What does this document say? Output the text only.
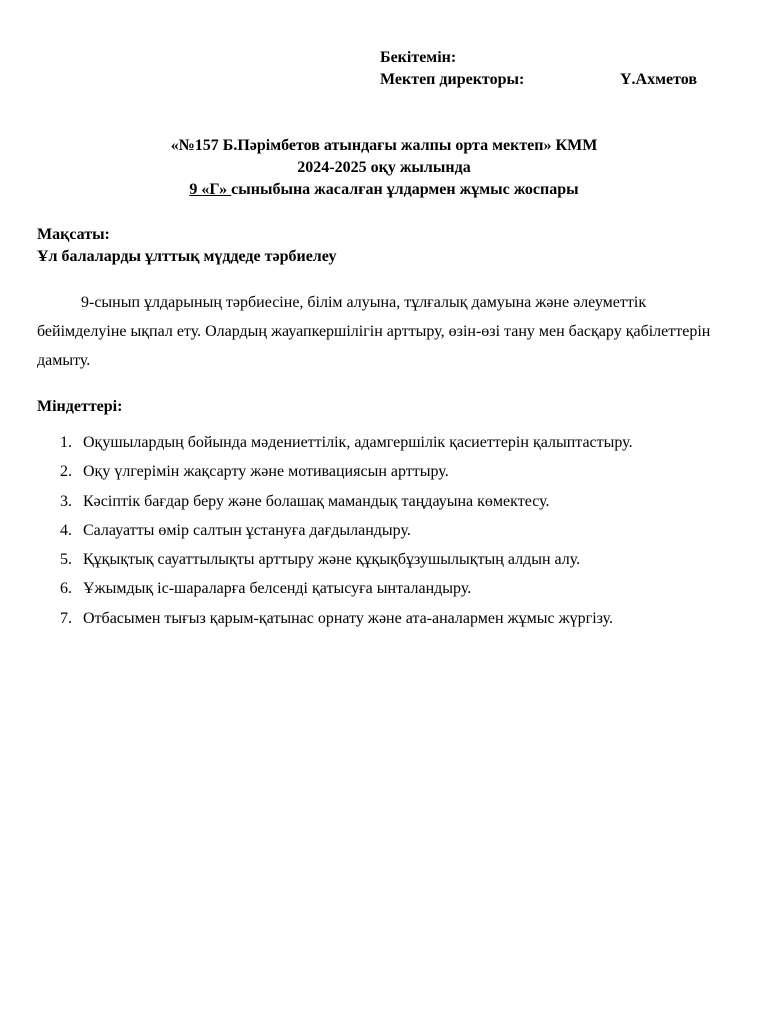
Бекітемін:
Мектеп директоры:	Ү.Ахметов
«№157 Б.Пәрімбетов атындағы жалпы орта мектеп» КММ
2024-2025 оқу жылында
9 «Г» сыныбына жасалған ұлдармен жұмыс жоспары
Мақсаты:
Ұл балаларды ұлттық мүддеде тәрбиелеу
9-сынып ұлдарының тәрбиесіне, білім алуына, тұлғалық дамуына және әлеуметтік бейімделуіне ықпал ету. Олардың жауапкершілігін арттыру, өзін-өзі тану мен басқару қабілеттерін дамыту.
Міндеттері:
1. Оқушылардың бойында мәдениеттілік, адамгершілік қасиеттерін қалыптастыру.
2. Оқу үлгерімін жақсарту және мотивациясын арттыру.
3. Кәсіптік бағдар беру және болашақ мамандық таңдауына көмектесу.
4. Салауатты өмір салтын ұстануға дағдыландыру.
5. Құқықтық сауаттылықты арттыру және құқықбұзушылықтың алдын алу.
6. Ұжымдық іс-шараларға белсенді қатысуға ынталандыру.
7. Отбасымен тығыз қарым-қатынас орнату және ата-аналармен жұмыс жүргізу.
